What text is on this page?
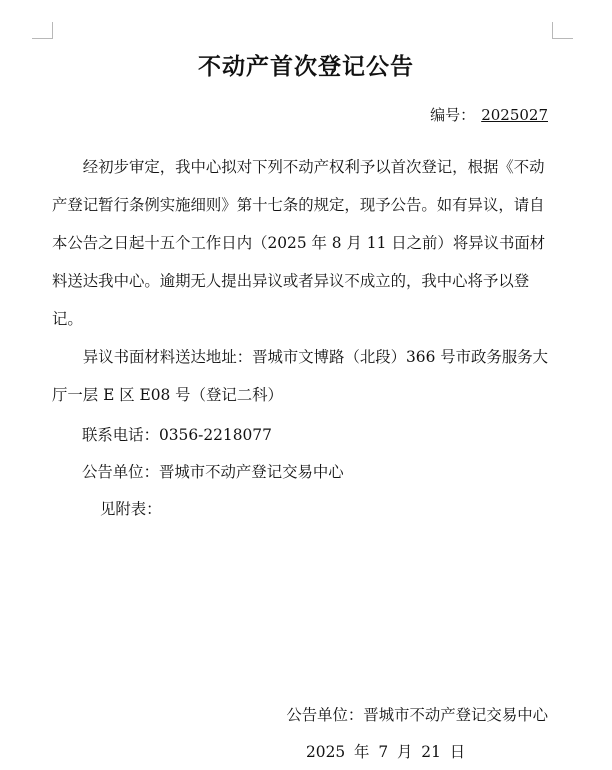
不动产首次登记公告
编号： 2025027

经初步审定，我中心拟对下列不动产权利予以首次登记，根据《不动产登记暂行条例实施细则》第十七条的规定，现予公告。如有异议，请自本公告之日起十五个工作日内（2025 年 8 月 11 日之前）将异议书面材料送达我中心。逾期无人提出异议或者异议不成立的，我中心将予以登记。

异议书面材料送达地址：晋城市文博路（北段）366 号市政务服务大厅一层 E 区 E08 号（登记二科）

联系电话：0356-2218077
公告单位：晋城市不动产登记交易中心
见附表：
公告单位：晋城市不动产登记交易中心
2025 年 7 月 21 日
